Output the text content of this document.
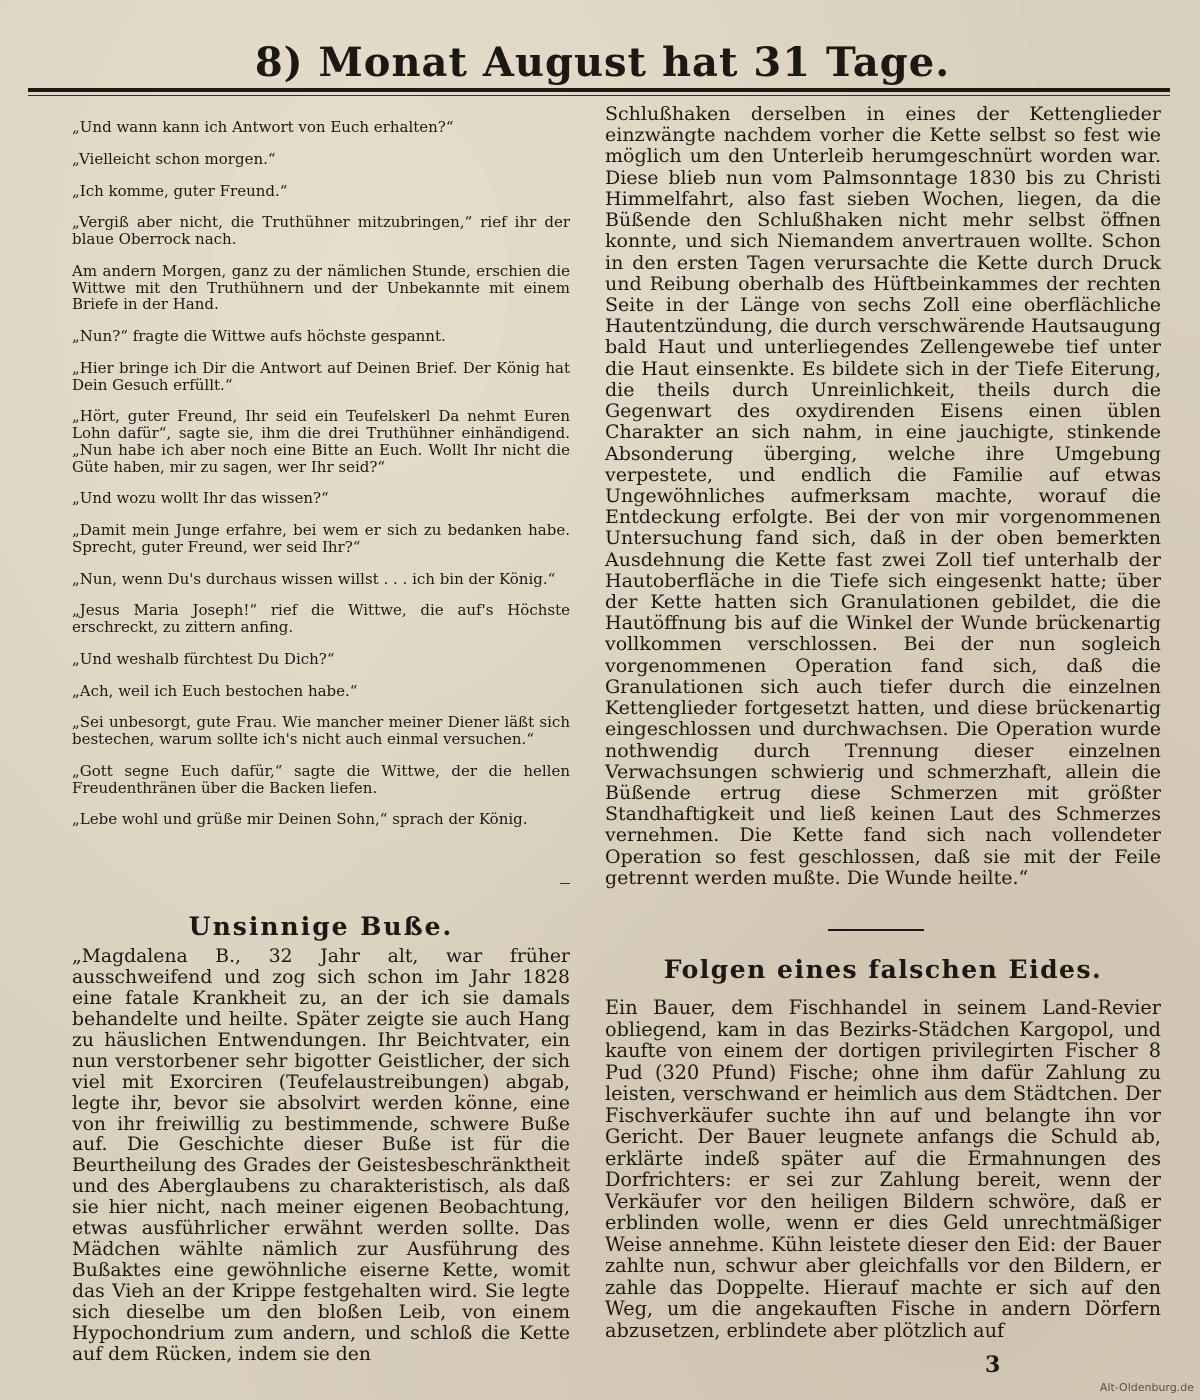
8) Monat August hat 31 Tage.

„Und wann kann ich Antwort von Euch erhalten?“

„Vielleicht schon morgen.“

„Ich komme, guter Freund.“

„Vergiß aber nicht, die Truthühner mitzubringen,“ rief ihr der blaue Oberrock nach.

Am andern Morgen, ganz zu der nämlichen Stunde, erschien die Wittwe mit den Truthühnern und der Unbekannte mit einem Briefe in der Hand.

„Nun?“ fragte die Wittwe aufs höchste gespannt.

„Hier bringe ich Dir die Antwort auf Deinen Brief. Der König hat Dein Gesuch erfüllt.“

„Hört, guter Freund, Ihr seid ein Teufelskerl Da nehmt Euren Lohn dafür“, sagte sie, ihm die drei Truthühner einhändigend. „Nun habe ich aber noch eine Bitte an Euch. Wollt Ihr nicht die Güte haben, mir zu sagen, wer Ihr seid?“

„Und wozu wollt Ihr das wissen?“

„Damit mein Junge erfahre, bei wem er sich zu bedanken habe. Sprecht, guter Freund, wer seid Ihr?“

„Nun, wenn Du's durchaus wissen willst . . . ich bin der König.“

„Jesus Maria Joseph!“ rief die Wittwe, die auf's Höchste erschreckt, zu zittern anfing.

„Und weshalb fürchtest Du Dich?“

„Ach, weil ich Euch bestochen habe.“

„Sei unbesorgt, gute Frau. Wie mancher meiner Diener läßt sich bestechen, warum sollte ich's nicht auch einmal versuchen.“

„Gott segne Euch dafür,“ sagte die Wittwe, der die hellen Freudenthränen über die Backen liefen.

„Lebe wohl und grüße mir Deinen Sohn,“ sprach der König.

Unsinnige Buße.
„Magdalena B., 32 Jahr alt, war früher ausschweifend und zog sich schon im Jahr 1828 eine fatale Krankheit zu, an der ich sie damals behandelte und heilte. Später zeigte sie auch Hang zu häuslichen Entwendungen. Ihr Beichtvater, ein nun verstorbener sehr bigotter Geistlicher, der sich viel mit Exorciren (Teufelaustreibungen) abgab, legte ihr, bevor sie absolvirt werden könne, eine von ihr freiwillig zu bestimmende, schwere Buße auf. Die Geschichte dieser Buße ist für die Beurtheilung des Grades der Geistesbeschränktheit und des Aberglaubens zu charakteristisch, als daß sie hier nicht, nach meiner eigenen Beobachtung, etwas ausführlicher erwähnt werden sollte. Das Mädchen wählte nämlich zur Ausführung des Bußaktes eine gewöhnliche eiserne Kette, womit das Vieh an der Krippe festgehalten wird. Sie legte sich dieselbe um den bloßen Leib, von einem Hypochondrium zum andern, und schloß die Kette auf dem Rücken, indem sie den
Schlußhaken derselben in eines der Kettenglieder einzwängte nachdem vorher die Kette selbst so fest wie möglich um den Unterleib herumgeschnürt worden war. Diese blieb nun vom Palmsonntage 1830 bis zu Christi Himmelfahrt, also fast sieben Wochen, liegen, da die Büßende den Schlußhaken nicht mehr selbst öffnen konnte, und sich Niemandem anvertrauen wollte. Schon in den ersten Tagen verursachte die Kette durch Druck und Reibung oberhalb des Hüftbeinkammes der rechten Seite in der Länge von sechs Zoll eine oberflächliche Hautentzündung, die durch verschwärende Hautsaugung bald Haut und unterliegendes Zellengewebe tief unter die Haut einsenkte. Es bildete sich in der Tiefe Eiterung, die theils durch Unreinlichkeit, theils durch die Gegenwart des oxydirenden Eisens einen üblen Charakter an sich nahm, in eine jauchigte, stinkende Absonderung überging, welche ihre Umgebung verpestete, und endlich die Familie auf etwas Ungewöhnliches aufmerksam machte, worauf die Entdeckung erfolgte. Bei der von mir vorgenommenen Untersuchung fand sich, daß in der oben bemerkten Ausdehnung die Kette fast zwei Zoll tief unterhalb der Hautoberfläche in die Tiefe sich eingesenkt hatte; über der Kette hatten sich Granulationen gebildet, die die Hautöffnung bis auf die Winkel der Wunde brückenartig vollkommen verschlossen. Bei der nun sogleich vorgenommenen Operation fand sich, daß die Granulationen sich auch tiefer durch die einzelnen Kettenglieder fortgesetzt hatten, und diese brückenartig eingeschlossen und durchwachsen. Die Operation wurde nothwendig durch Trennung dieser einzelnen Verwachsungen schwierig und schmerzhaft, allein die Büßende ertrug diese Schmerzen mit größter Standhaftigkeit und ließ keinen Laut des Schmerzes vernehmen. Die Kette fand sich nach vollendeter Operation so fest geschlossen, daß sie mit der Feile getrennt werden mußte. Die Wunde heilte.“
Folgen eines falschen Eides.
Ein Bauer, dem Fischhandel in seinem Land-Revier obliegend, kam in das Bezirks-Städchen Kargopol, und kaufte von einem der dortigen privilegirten Fischer 8 Pud (320 Pfund) Fische; ohne ihm dafür Zahlung zu leisten, verschwand er heimlich aus dem Städtchen. Der Fischverkäufer suchte ihn auf und belangte ihn vor Gericht. Der Bauer leugnete anfangs die Schuld ab, erklärte indeß später auf die Ermahnungen des Dorfrichters: er sei zur Zahlung bereit, wenn der Verkäufer vor den heiligen Bildern schwöre, daß er erblinden wolle, wenn er dies Geld unrechtmäßiger Weise annehme. Kühn leistete dieser den Eid: der Bauer zahlte nun, schwur aber gleichfalls vor den Bildern, er zahle das Doppelte. Hierauf machte er sich auf den Weg, um die angekauften Fische in andern Dörfern abzusetzen, erblindete aber plötzlich auf
3
Alt-Oldenburg.de
